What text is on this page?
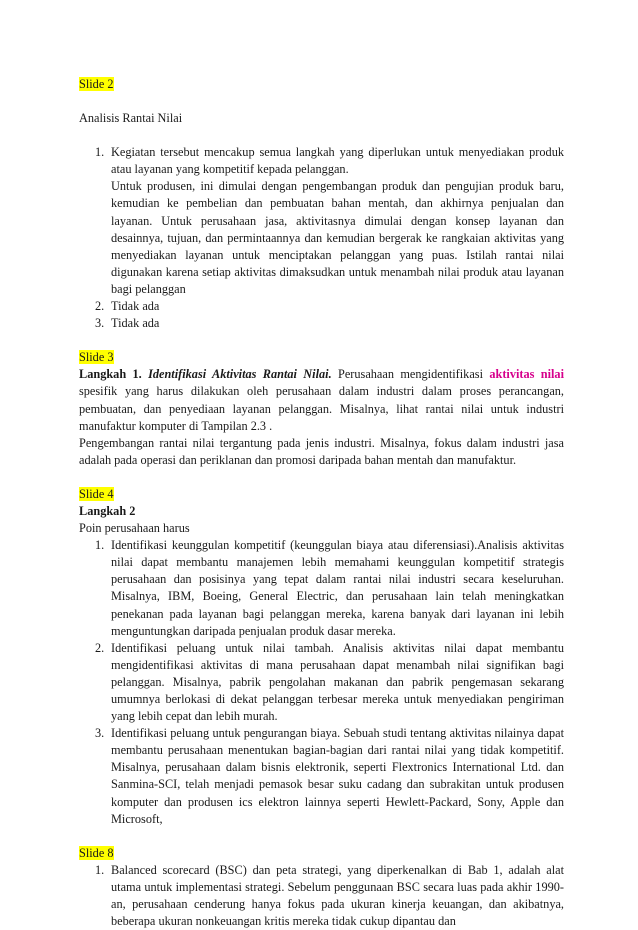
Slide 2
Analisis Rantai Nilai
1. Kegiatan tersebut mencakup semua langkah yang diperlukan untuk menyediakan produk atau layanan yang kompetitif kepada pelanggan.
Untuk produsen, ini dimulai dengan pengembangan produk dan pengujian produk baru, kemudian ke pembelian dan pembuatan bahan mentah, dan akhirnya penjualan dan layanan. Untuk perusahaan jasa, aktivitasnya dimulai dengan konsep layanan dan desainnya, tujuan, dan permintaannya dan kemudian bergerak ke rangkaian aktivitas yang menyediakan layanan untuk menciptakan pelanggan yang puas. Istilah rantai nilai digunakan karena setiap aktivitas dimaksudkan untuk menambah nilai produk atau layanan bagi pelanggan
2. Tidak ada
3. Tidak ada
Slide 3

Langkah 1. Identifikasi Aktivitas Rantai Nilai. Perusahaan mengidentifikasi aktivitas nilai spesifik yang harus dilakukan oleh perusahaan dalam industri dalam proses perancangan, pembuatan, dan penyediaan layanan pelanggan. Misalnya, lihat rantai nilai untuk industri manufaktur komputer di Tampilan 2.3 .

Pengembangan rantai nilai tergantung pada jenis industri. Misalnya, fokus dalam industri jasa adalah pada operasi dan periklanan dan promosi daripada bahan mentah dan manufaktur.

Slide 4
Langkah 2
Poin perusahaan harus
1. Identifikasi keunggulan kompetitif (keunggulan biaya atau diferensiasi).Analisis aktivitas nilai dapat membantu manajemen lebih memahami keunggulan kompetitif strategis perusahaan dan posisinya yang tepat dalam rantai nilai industri secara keseluruhan. Misalnya, IBM, Boeing, General Electric, dan perusahaan lain telah meningkatkan penekanan pada layanan bagi pelanggan mereka, karena banyak dari layanan ini lebih menguntungkan daripada penjualan produk dasar mereka.
2. Identifikasi peluang untuk nilai tambah. Analisis aktivitas nilai dapat membantu mengidentifikasi aktivitas di mana perusahaan dapat menambah nilai signifikan bagi pelanggan. Misalnya, pabrik pengolahan makanan dan pabrik pengemasan sekarang umumnya berlokasi di dekat pelanggan terbesar mereka untuk menyediakan pengiriman yang lebih cepat dan lebih murah.
3. Identifikasi peluang untuk pengurangan biaya. Sebuah studi tentang aktivitas nilainya dapat membantu perusahaan menentukan bagian-bagian dari rantai nilai yang tidak kompetitif. Misalnya, perusahaan dalam bisnis elektronik, seperti Flextronics International Ltd. dan Sanmina-SCI, telah menjadi pemasok besar suku cadang dan subrakitan untuk produsen komputer dan produsen ics elektron lainnya seperti Hewlett-Packard, Sony, Apple dan Microsoft,
Slide 8
1. Balanced scorecard (BSC) dan peta strategi, yang diperkenalkan di Bab 1, adalah alat utama untuk implementasi strategi. Sebelum penggunaan BSC secara luas pada akhir 1990-an, perusahaan cenderung hanya fokus pada ukuran kinerja keuangan, dan akibatnya, beberapa ukuran nonkeuangan kritis mereka tidak cukup dipantau dan
